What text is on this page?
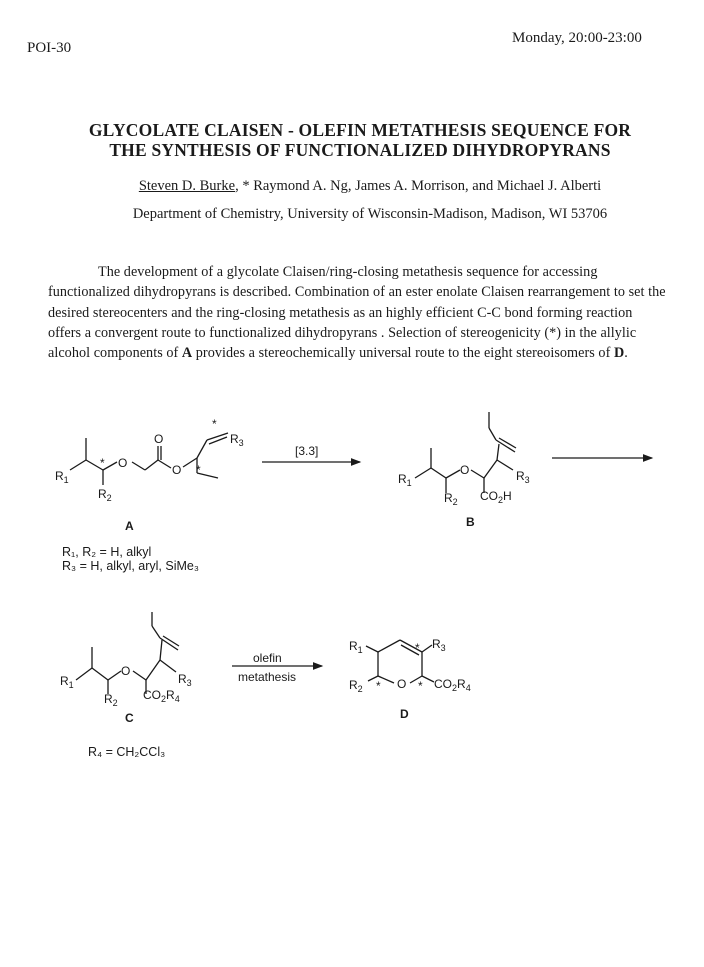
POI-30
Monday, 20:00-23:00
GLYCOLATE CLAISEN - OLEFIN METATHESIS SEQUENCE FOR
THE SYNTHESIS OF FUNCTIONALIZED DIHYDROPYRANS
Steven D. Burke, * Raymond A. Ng, James A. Morrison, and Michael J. Alberti
Department of Chemistry, University of Wisconsin-Madison, Madison, WI 53706
The development of a glycolate Claisen/ring-closing metathesis sequence for accessing functionalized dihydropyrans is described. Combination of an ester enolate Claisen rearrangement to set the desired stereocenters and the ring-closing metathesis as an highly efficient C-C bond forming reaction offers a convergent route to functionalized dihydropyrans . Selection of stereogenicity (*) in the allylic alcohol components of A provides a stereochemically universal route to the eight stereoisomers of D.
$R_1$
* O
$R_2$
O
O *
*
$R_3$
A
[3.3]
$R_1$
O	$R_3$
$R_2$ $CO_2H$
B
$R_1$
O
$R_3$
$R_2$
$CO_2R_4$
C
olefin
metathesis
$R_1$	* $R_3$
$R_2$ * O * $CO_2R_4$
D
R₁, R₂ = H, alkyl
R₃ = H, alkyl, aryl, SiMe₃
R₄ = CH₂CCl₃
